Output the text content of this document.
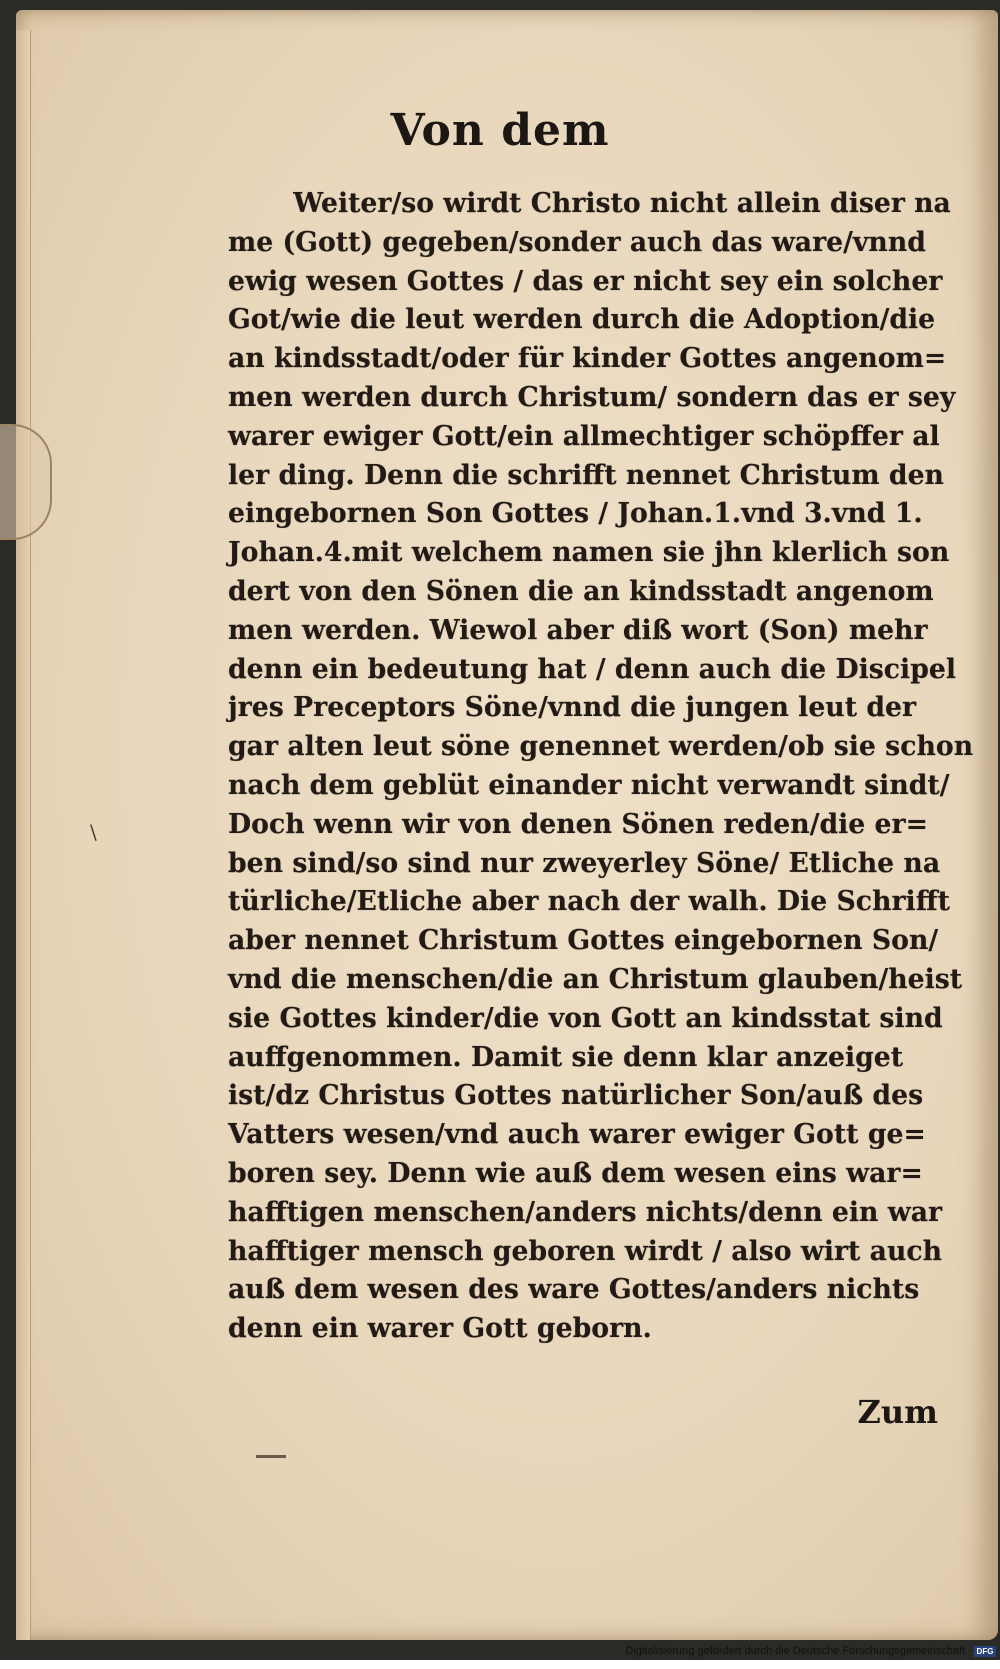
Von dem
Weiter/so wirdt Christo nicht allein diser na
me (Gott) gegeben/sonder auch das ware/vnnd
ewig wesen Gottes / das er nicht sey ein solcher
Got/wie die leut werden durch die Adoption/die
an kindsstadt/oder für kinder Gottes angenom=
men werden durch Christum/ sondern das er sey
warer ewiger Gott/ein allmechtiger schöpffer al
ler ding. Denn die schrifft nennet Christum den
eingebornen Son Gottes / Johan.1.vnd 3.vnd 1.
Johan.4.mit welchem namen sie jhn klerlich son
dert von den Sönen die an kindsstadt angenom
men werden. Wiewol aber diß wort (Son) mehr
denn ein bedeutung hat / denn auch die Discipel
jres Preceptors Söne/vnnd die jungen leut der
gar alten leut söne genennet werden/ob sie schon
nach dem geblüt einander nicht verwandt sindt/
Doch wenn wir von denen Sönen reden/die er=
ben sind/so sind nur zweyerley Söne/ Etliche na
türliche/Etliche aber nach der walh. Die Schrifft
aber nennet Christum Gottes eingebornen Son/
vnd die menschen/die an Christum glauben/heist
sie Gottes kinder/die von Gott an kindsstat sind
auffgenommen. Damit sie denn klar anzeiget
ist/dz Christus Gottes natürlicher Son/auß des
Vatters wesen/vnd auch warer ewiger Gott ge=
boren sey. Denn wie auß dem wesen eins war=
hafftigen menschen/anders nichts/denn ein war
hafftiger mensch geboren wirdt / also wirt auch
auß dem wesen des ware Gottes/anders nichts
denn ein warer Gott geborn.
Zum
\
Digitalisierung gefördert durch die Deutsche Forschungsgemeinschaft - DFG
